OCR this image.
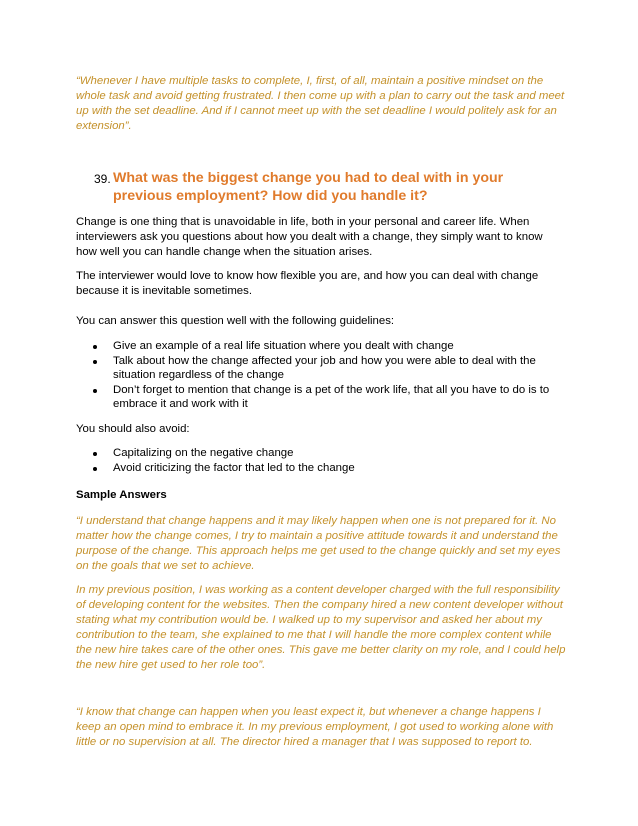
“Whenever I have multiple tasks to complete, I, first, of all, maintain a positive mindset on the whole task and avoid getting frustrated. I then come up with a plan to carry out the task and meet up with the set deadline. And if I cannot meet up with the set deadline I would politely ask for an extension”.

39. What was the biggest change you had to deal with in your previous employment? How did you handle it?

Change is one thing that is unavoidable in life, both in your personal and career life. When interviewers ask you questions about how you dealt with a change, they simply want to know how well you can handle change when the situation arises.

The interviewer would love to know how flexible you are, and how you can deal with change because it is inevitable sometimes.

You can answer this question well with the following guidelines:

Give an example of a real life situation where you dealt with change
Talk about how the change affected your job and how you were able to deal with the situation regardless of the change
Don’t forget to mention that change is a pet of the work life, that all you have to do is to embrace it and work with it

You should also avoid:

Capitalizing on the negative change
Avoid criticizing the factor that led to the change

Sample Answers

“I understand that change happens and it may likely happen when one is not prepared for it. No matter how the change comes, I try to maintain a positive attitude towards it and understand the purpose of the change. This approach helps me get used to the change quickly and set my eyes on the goals that we set to achieve.

In my previous position, I was working as a content developer charged with the full responsibility of developing content for the websites. Then the company hired a new content developer without stating what my contribution would be. I walked up to my supervisor and asked her about my contribution to the team, she explained to me that I will handle the more complex content while the new hire takes care of the other ones. This gave me better clarity on my role, and I could help the new hire get used to her role too”.

“I know that change can happen when you least expect it, but whenever a change happens I keep an open mind to embrace it. In my previous employment, I got used to working alone with little or no supervision at all. The director hired a manager that I was supposed to report to.
